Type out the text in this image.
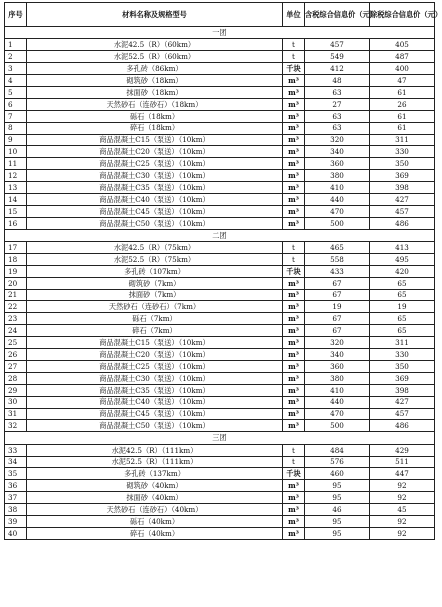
序号	材料名称及规格型号	单位	含税综合信息价（元）	除税综合信息价（元）
一团				
1	水泥42.5（R）（60km）	t	457	405
2	水泥52.5（R）（60km）	t	549	487
3	多孔砖（86km）	千块	412	400
4	砌筑砂（18km）	m³	48	47
5	抹面砂（18km）	m³	63	61
6	天然砂石（连砂石）（18km）	m³	27	26
7	砾石（18km）	m³	63	61
8	碎石（18km）	m³	63	61
9	商品混凝土C15（泵送）（10km）	m³	320	311
10	商品混凝土C20（泵送）（10km）	m³	340	330
11	商品混凝土C25（泵送）（10km）	m³	360	350
12	商品混凝土C30（泵送）（10km）	m³	380	369
13	商品混凝土C35（泵送）（10km）	m³	410	398
14	商品混凝土C40（泵送）（10km）	m³	440	427
15	商品混凝土C45（泵送）（10km）	m³	470	457
16	商品混凝土C50（泵送）（10km）	m³	500	486
二团				
17	水泥42.5（R）（75km）	t	465	413
18	水泥52.5（R）（75km）	t	558	495
19	多孔砖（107km）	千块	433	420
20	砌筑砂（7km）	m³	67	65
21	抹面砂（7km）	m³	67	65
22	天然砂石（连砂石）（7km）	m³	19	19
23	砾石（7km）	m³	67	65
24	碎石（7km）	m³	67	65
25	商品混凝土C15（泵送）（10km）	m³	320	311
26	商品混凝土C20（泵送）（10km）	m³	340	330
27	商品混凝土C25（泵送）（10km）	m³	360	350
28	商品混凝土C30（泵送）（10km）	m³	380	369
29	商品混凝土C35（泵送）（10km）	m³	410	398
30	商品混凝土C40（泵送）（10km）	m³	440	427
31	商品混凝土C45（泵送）（10km）	m³	470	457
32	商品混凝土C50（泵送）（10km）	m³	500	486
三团				
33	水泥42.5（R）（111km）	t	484	429
34	水泥52.5（R）（111km）	t	576	511
35	多孔砖（137km）	千块	460	447
36	砌筑砂（40km）	m³	95	92
37	抹面砂（40km）	m³	95	92
38	天然砂石（连砂石）（40km）	m³	46	45
39	砾石（40km）	m³	95	92
40	碎石（40km）	m³	95	92
